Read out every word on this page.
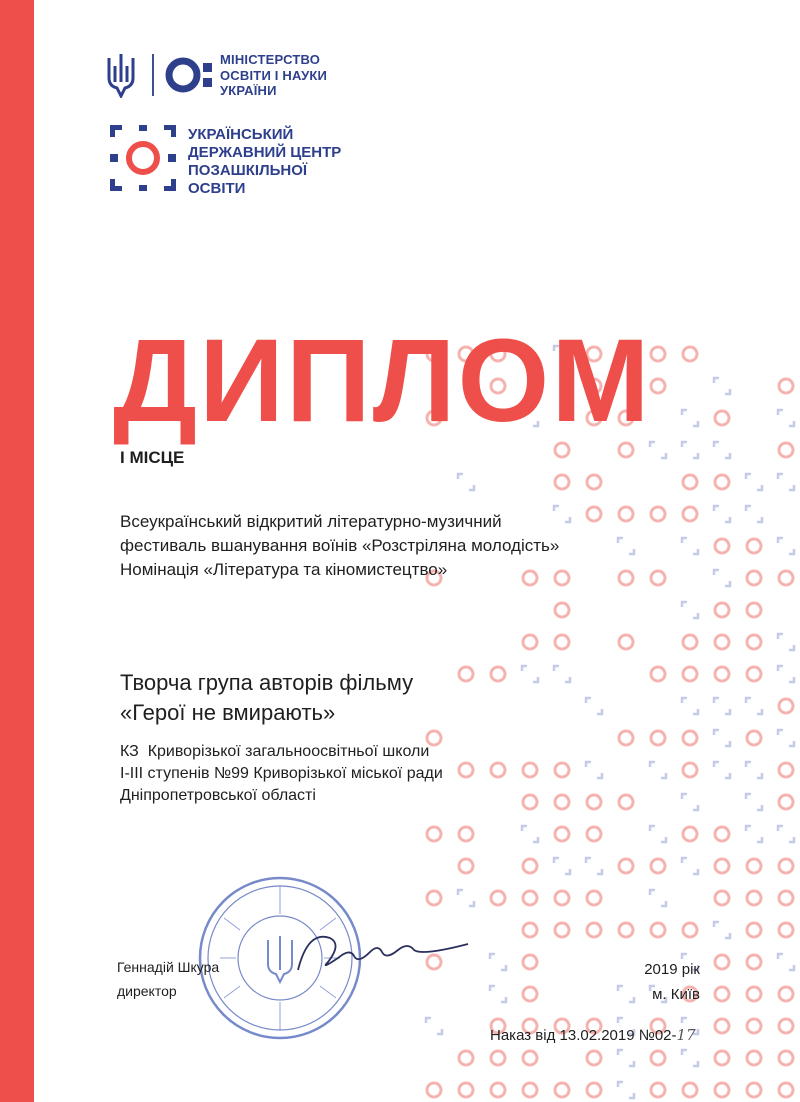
МІНІСТЕРСТВО
ОСВІТИ І НАУКИ
УКРАЇНИ
УКРАЇНСЬКИЙ
ДЕРЖАВНИЙ ЦЕНТР
ПОЗАШКІЛЬНОЇ
ОСВІТИ
ДИПЛОМ
І МІСЦЕ
Всеукраїнський відкритий літературно-музичний
фестиваль вшанування воїнів «Розстріляна молодість»
Номінація «Література та кіномистецтво»
Творча група авторів фільму
«Герої не вмирають»
КЗ  Криворізької загальноосвітньої школи
І-ІІІ ступенів №99 Криворізької міської ради
Дніпропетровської області
Геннадій Шкура
директор
2019 рік
м. Київ
Наказ від 13.02.2019 №02-17
